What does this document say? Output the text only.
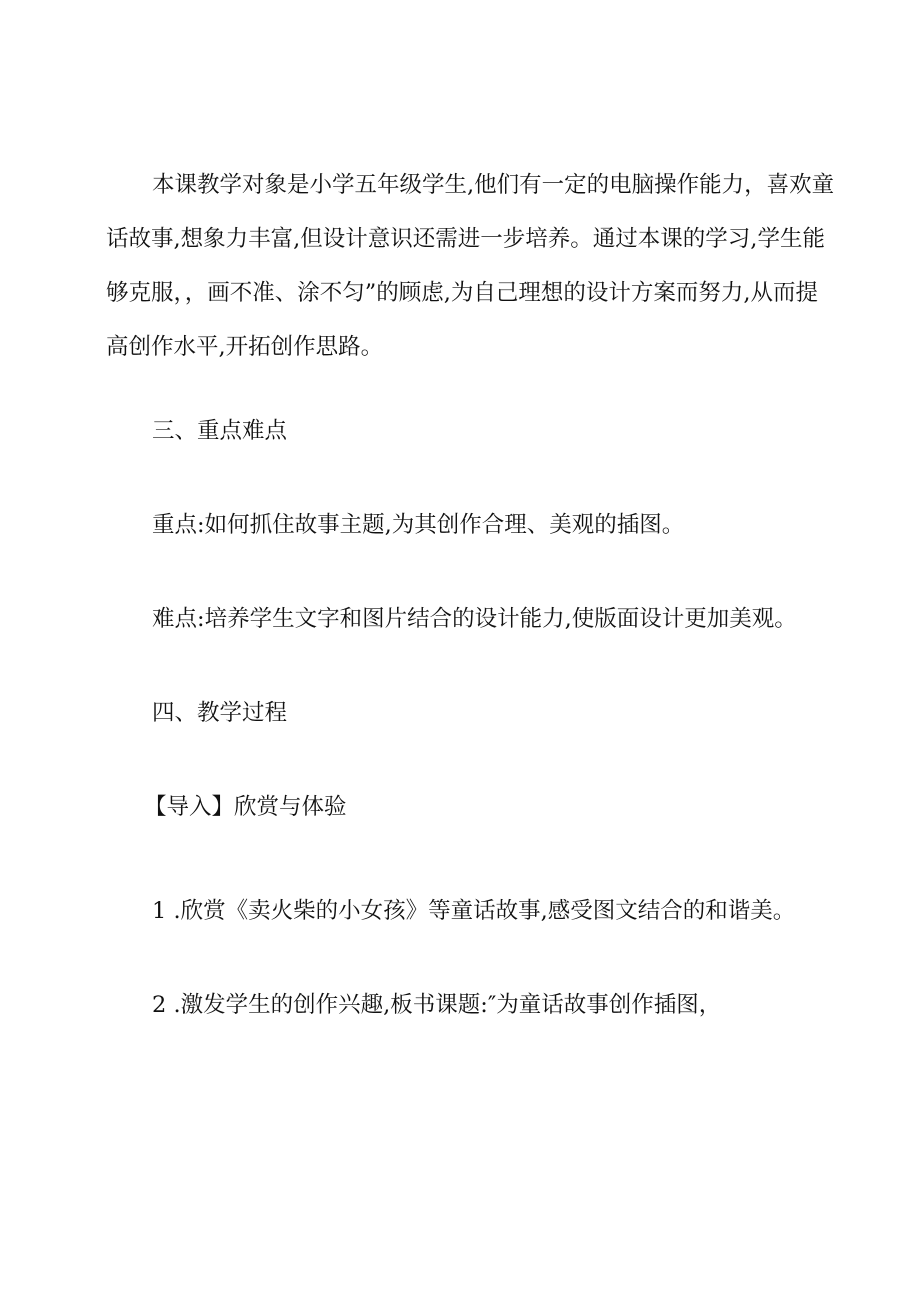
本课教学对象是小学五年级学生,他们有一定的电脑操作能力，喜欢童
话故事,想象力丰富,但设计意识还需进一步培养。通过本课的学习,学生能
够克服，，画不准、涂不匀”的顾虑,为自己理想的设计方案而努力,从而提
高创作水平,开拓创作思路。
三、重点难点
重点:如何抓住故事主题,为其创作合理、美观的插图。
难点:培养学生文字和图片结合的设计能力,使版面设计更加美观。
四、教学过程
【导入】欣赏与体验
1 .欣赏《卖火柴的小女孩》等童话故事,感受图文结合的和谐美。
2 .激发学生的创作兴趣,板书课题:″为童话故事创作插图，
